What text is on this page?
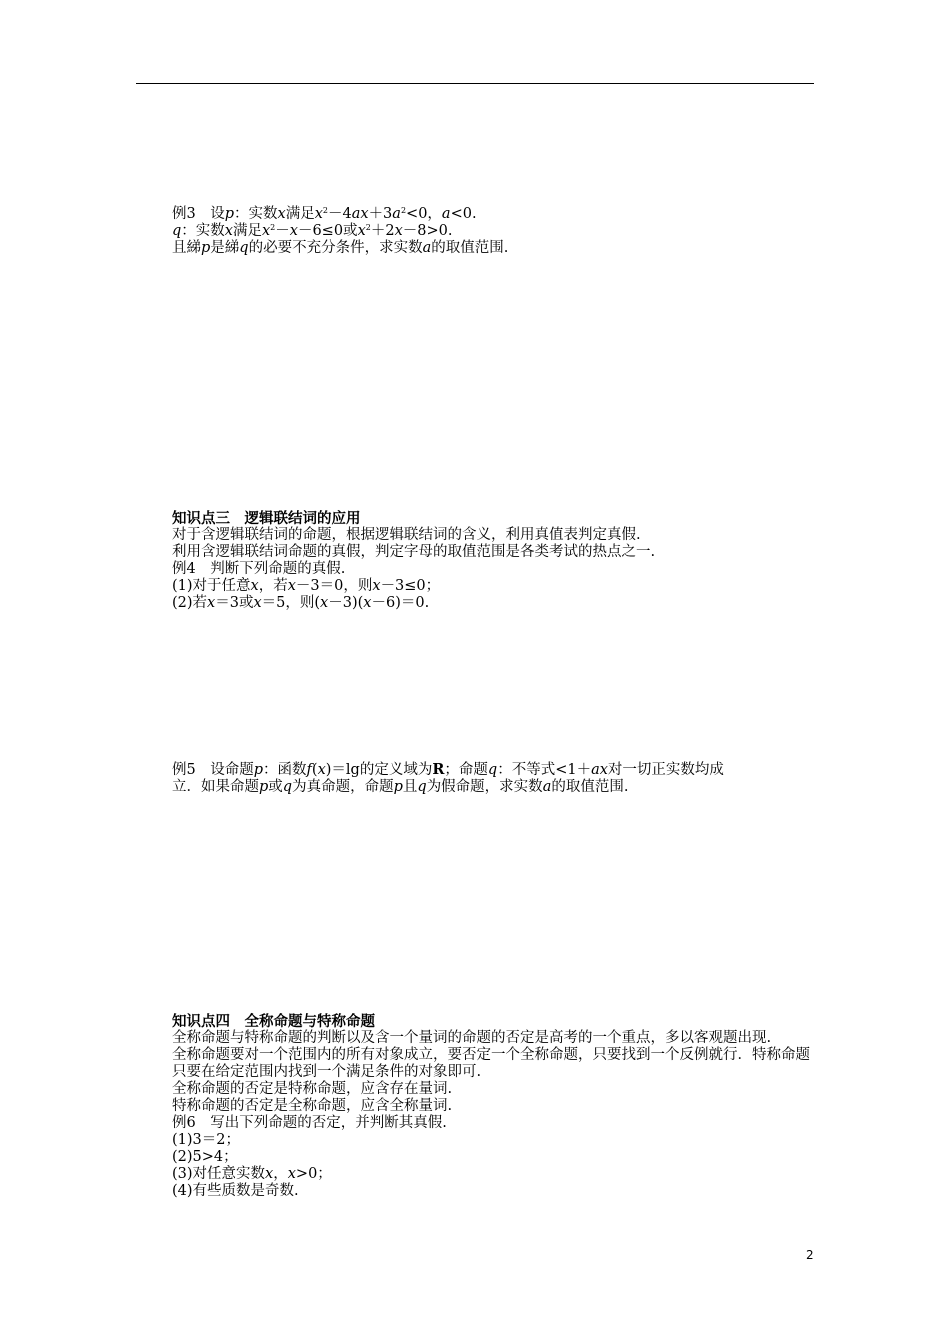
例3　设p：实数x满足$x^2-4ax+3a^2<0$，a<0.
q：实数x满足$x^2-x-6\le 0$或$x^2+2x-8>0$.
且綈p是綈q的必要不充分条件，求实数a的取值范围.
知识点三　逻辑联结词的应用
对于含逻辑联结词的命题，根据逻辑联结词的含义，利用真值表判定真假.
利用含逻辑联结词命题的真假，判定字母的取值范围是各类考试的热点之一.
例4　判断下列命题的真假.
(1)对于任意x，若x－3＝0，则x－3≤0；
(2)若x＝3或x＝5，则(x－3)(x－6)＝0.
例5　设命题p：函数f(x)＝lg的定义域为R；命题q：不等式<1＋ax对一切正实数均成
立．如果命题p或q为真命题，命题p且q为假命题，求实数a的取值范围.
知识点四　全称命题与特称命题
全称命题与特称命题的判断以及含一个量词的命题的否定是高考的一个重点，多以客观题出现.
全称命题要对一个范围内的所有对象成立，要否定一个全称命题，只要找到一个反例就行．特称命题只要在给定范围内找到一个满足条件的对象即可.
全称命题的否定是特称命题，应含存在量词.
特称命题的否定是全称命题，应含全称量词.
例6　写出下列命题的否定，并判断其真假.
(1)3＝2；
(2)5>4；
(3)对任意实数x，x>0；
(4)有些质数是奇数.
2
